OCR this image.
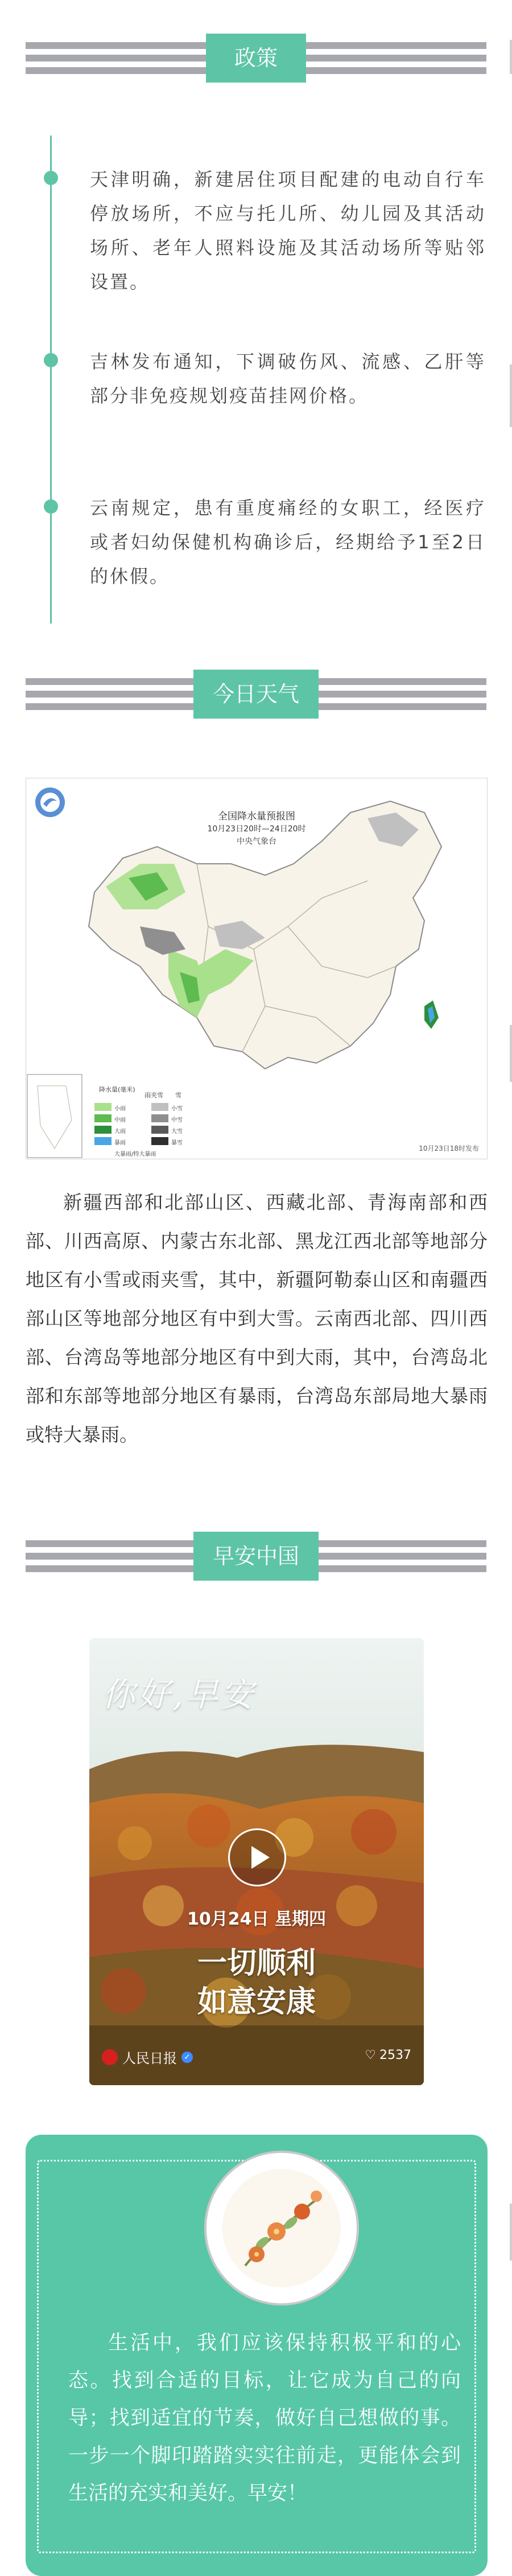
政策

天津明确，新建居住项目配建的电动自行车停放场所，不应与托儿所、幼儿园及其活动场所、老年人照料设施及其活动场所等贴邻设置。

吉林发布通知，下调破伤风、流感、乙肝等部分非免疫规划疫苗挂网价格。

云南规定，患有重度痛经的女职工，经医疗或者妇幼保健机构确诊后，经期给予1至2日的休假。

今日天气
全国降水量预报图
10月23日20时—24日20时
中央气象台
10月23日18时发布
降水量(毫米)
雨夹雪 雪
小雨
中雨
大雨
暴雨
大暴雨/特大暴雨
小雪
中雪
大雪
暴雪

新疆西部和北部山区、西藏北部、青海南部和西部、川西高原、内蒙古东北部、黑龙江西北部等地部分地区有小雪或雨夹雪，其中，新疆阿勒泰山区和南疆西部山区等地部分地区有中到大雪。云南西北部、四川西部、台湾岛等地部分地区有中到大雨，其中，台湾岛北部和东部等地部分地区有暴雨，台湾岛东部局地大暴雨或特大暴雨。

早安中国
你好,早安
10月24日 星期四
一切顺利
如意安康
人民日报 ✓	♡ 2537

生活中，我们应该保持积极平和的心态。找到合适的目标，让它成为自己的向导；找到适宜的节奏，做好自己想做的事。一步一个脚印踏踏实实往前走，更能体会到生活的充实和美好。早安！
